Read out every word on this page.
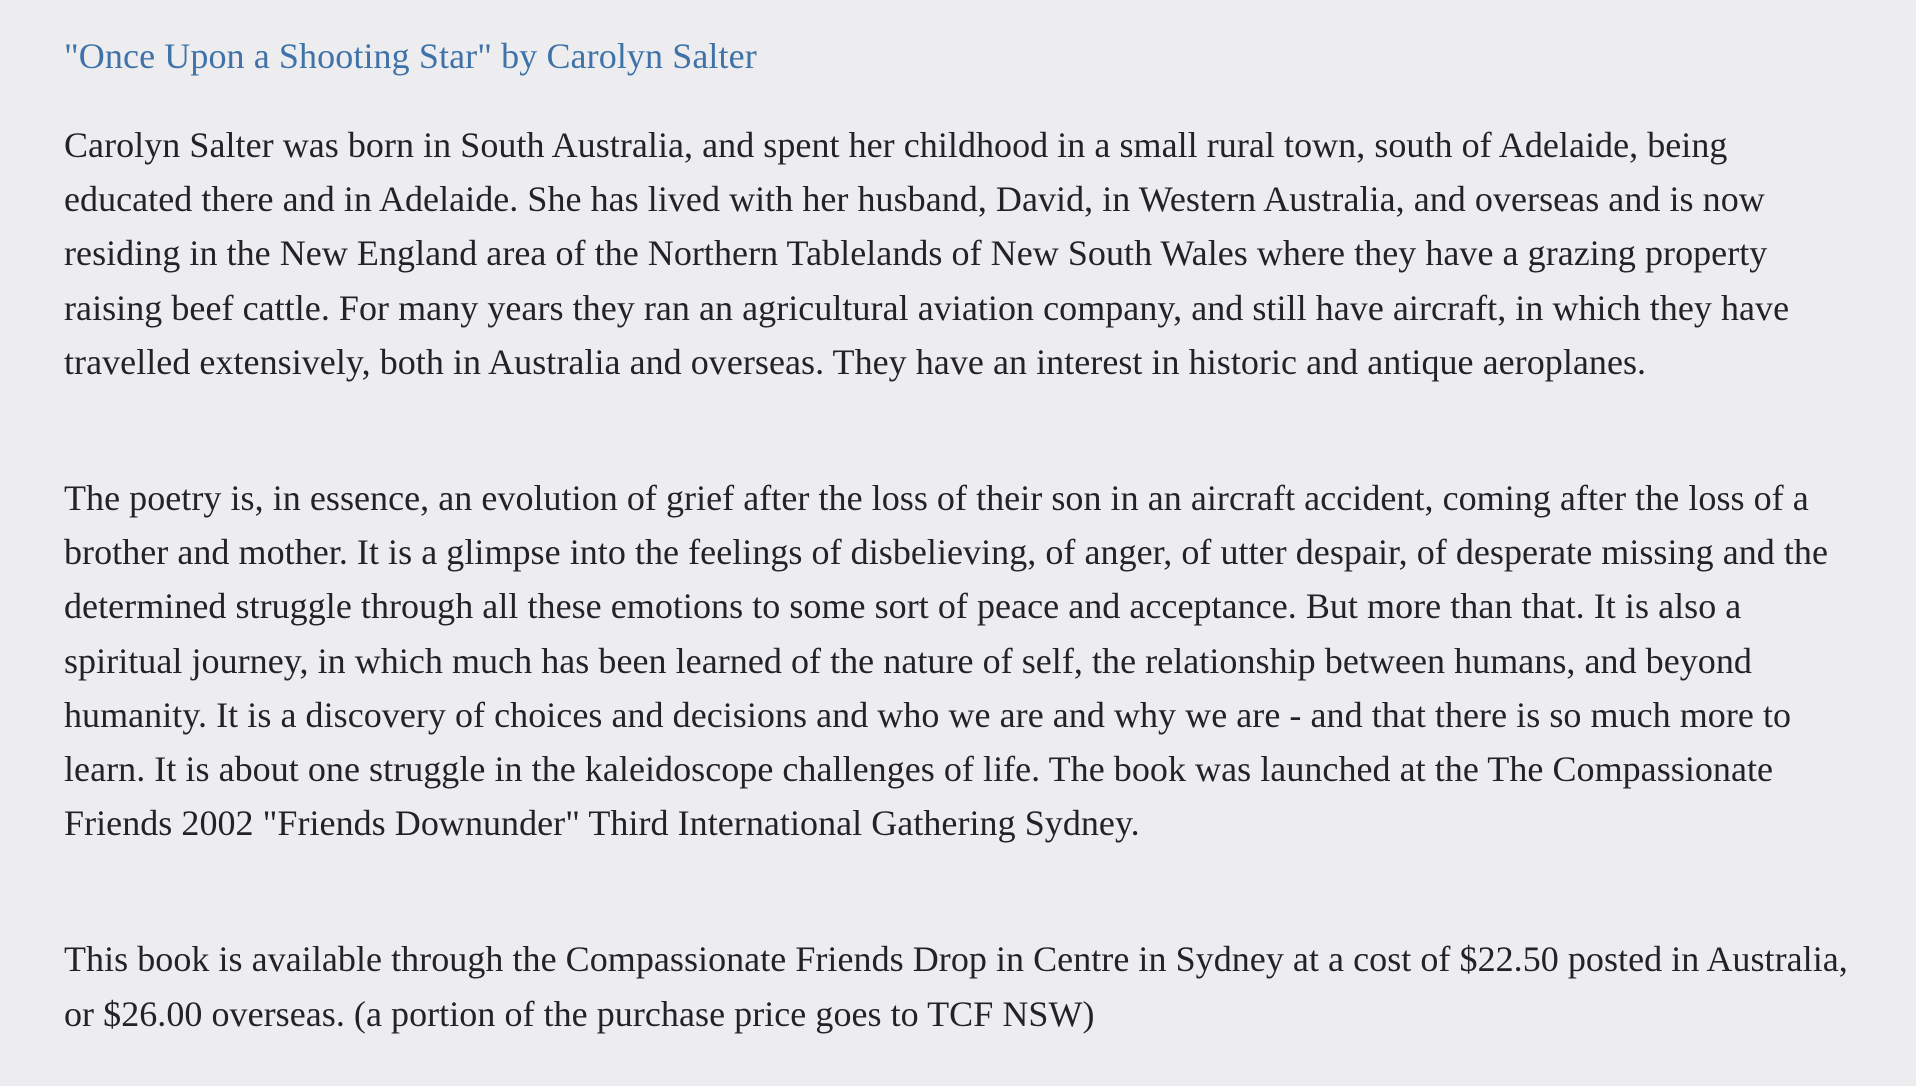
"Once Upon a Shooting Star" by Carolyn Salter

Carolyn Salter was born in South Australia, and spent her childhood in a small rural town, south of Adelaide, being educated there and in Adelaide. She has lived with her husband, David, in Western Australia, and overseas and is now residing in the New England area of the Northern Tablelands of New South Wales where they have a grazing property raising beef cattle. For many years they ran an agricultural aviation company, and still have aircraft, in which they have travelled extensively, both in Australia and overseas. They have an interest in historic and antique aeroplanes.

The poetry is, in essence, an evolution of grief after the loss of their son in an aircraft accident, coming after the loss of a brother and mother. It is a glimpse into the feelings of disbelieving, of anger, of utter despair, of desperate missing and the determined struggle through all these emotions to some sort of peace and acceptance. But more than that. It is also a spiritual journey, in which much has been learned of the nature of self, the relationship between humans, and beyond humanity. It is a discovery of choices and decisions and who we are and why we are - and that there is so much more to learn. It is about one struggle in the kaleidoscope challenges of life. The book was launched at the The Compassionate Friends 2002 "Friends Downunder" Third International Gathering Sydney.

This book is available through the Compassionate Friends Drop in Centre in Sydney at a cost of $22.50 posted in Australia, or $26.00 overseas. (a portion of the purchase price goes to TCF NSW)
